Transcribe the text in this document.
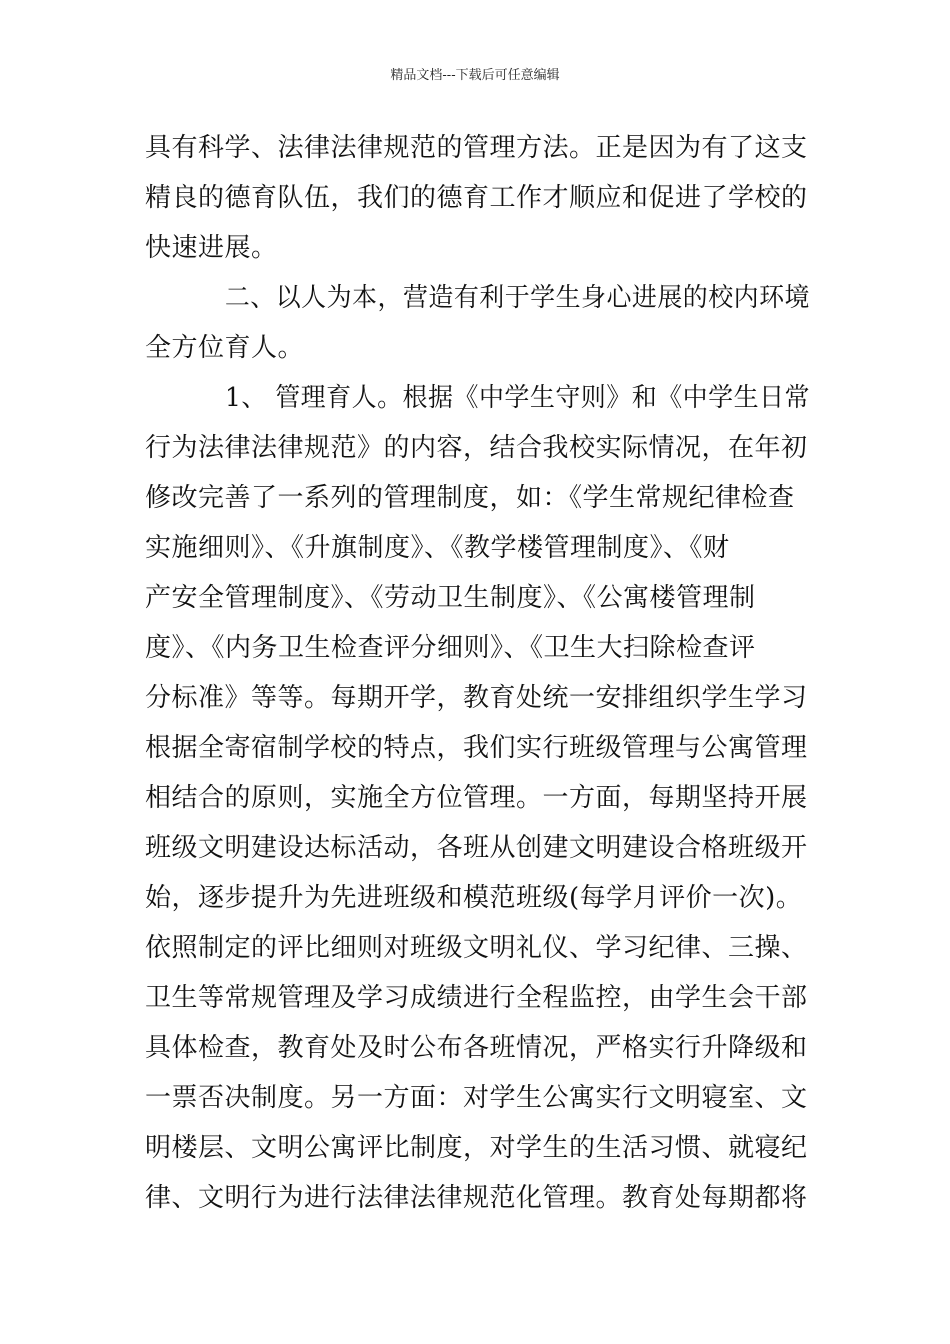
精品文档---下载后可任意编辑
具有科学、法律法律规范的管理方法。正是因为有了这支
精良的德育队伍，我们的德育工作才顺应和促进了学校的
快速进展。
二、以人为本，营造有利于学生身心进展的校内环境
全方位育人。
1、 管理育人。根据《中学生守则》和《中学生日常
行为法律法律规范》的内容，结合我校实际情况，在年初
修改完善了一系列的管理制度，如：《学生常规纪律检查
实施细则》、《升旗制度》、《教学楼管理制度》、《财
产安全管理制度》、《劳动卫生制度》、《公寓楼管理制
度》、《内务卫生检查评分细则》、《卫生大扫除检查评
分标准》等等。每期开学，教育处统一安排组织学生学习
根据全寄宿制学校的特点，我们实行班级管理与公寓管理
相结合的原则，实施全方位管理。一方面，每期坚持开展
班级文明建设达标活动，各班从创建文明建设合格班级开
始，逐步提升为先进班级和模范班级(每学月评价一次)。
依照制定的评比细则对班级文明礼仪、学习纪律、三操、
卫生等常规管理及学习成绩进行全程监控，由学生会干部
具体检查，教育处及时公布各班情况，严格实行升降级和
一票否决制度。另一方面：对学生公寓实行文明寝室、文
明楼层、文明公寓评比制度，对学生的生活习惯、就寝纪
律、文明行为进行法律法律规范化管理。教育处每期都将
